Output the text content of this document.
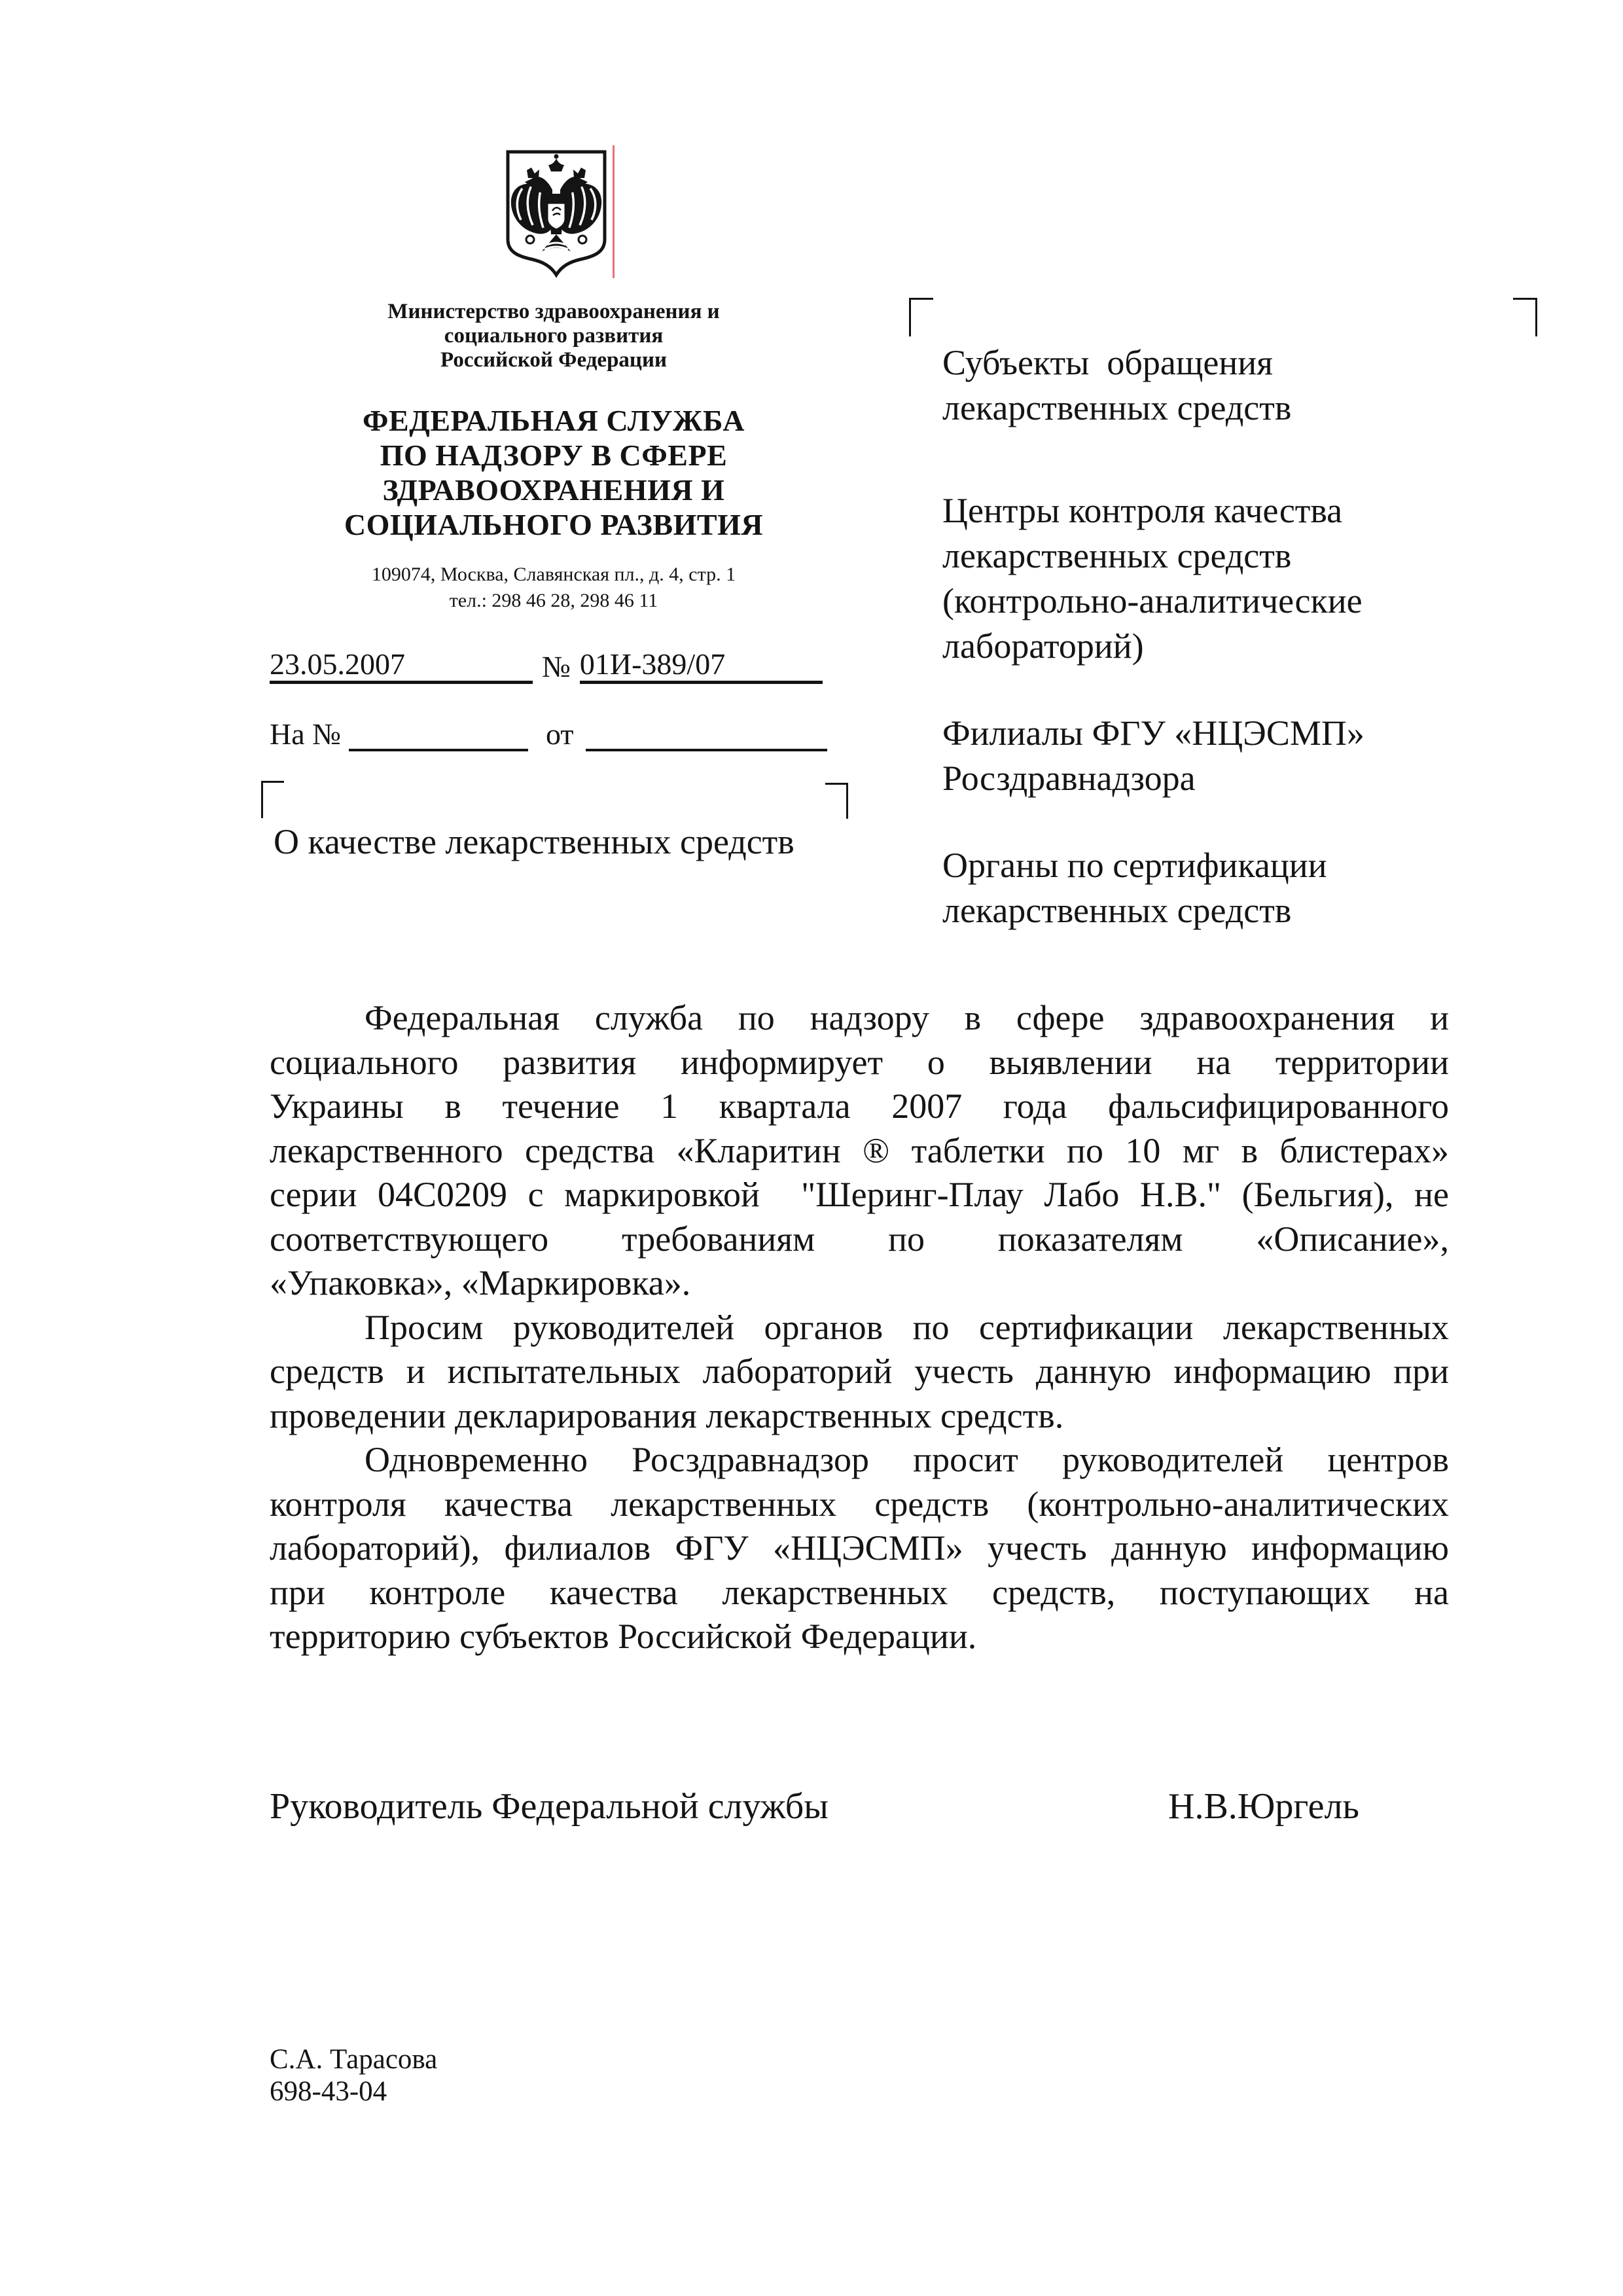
Министерство здравоохранения и
социального развития
Российской Федерации
ФЕДЕРАЛЬНАЯ СЛУЖБА
ПО НАДЗОРУ В СФЕРЕ
ЗДРАВООХРАНЕНИЯ И
СОЦИАЛЬНОГО РАЗВИТИЯ
109074, Москва, Славянская пл., д. 4, стр. 1
тел.: 298 46 28, 298 46 11
23.05.2007	№ 01И-389/07
На №	от
О качестве лекарственных средств
Субъекты  обращения
лекарственных средств
Центры контроля качества
лекарственных средств
(контрольно-аналитические
лабораторий)
Филиалы ФГУ «НЦЭСМП»
Росздравнадзора
Органы по сертификации
лекарственных средств
Федеральная служба по надзору в сфере здравоохранения и
социального развития информирует о выявлении на территории
Украины в течение 1 квартала 2007 года фальсифицированного
лекарственного средства «Кларитин ® таблетки по 10 мг в блистерах»
серии 04С0209 с маркировкой  "Шеринг-Плау Лабо Н.В." (Бельгия), не
соответствующего требованиям по показателям «Описание»,
«Упаковка», «Маркировка».
Просим руководителей органов по сертификации лекарственных
средств и испытательных лабораторий учесть данную информацию при
проведении декларирования лекарственных средств.
Одновременно Росздравнадзор просит руководителей центров
контроля качества лекарственных средств (контрольно-аналитических
лабораторий), филиалов ФГУ «НЦЭСМП» учесть данную информацию
при контроле качества лекарственных средств, поступающих на
территорию субъектов Российской Федерации.
Руководитель Федеральной службы	Н.В.Юргель
С.А. Тарасова
698-43-04
